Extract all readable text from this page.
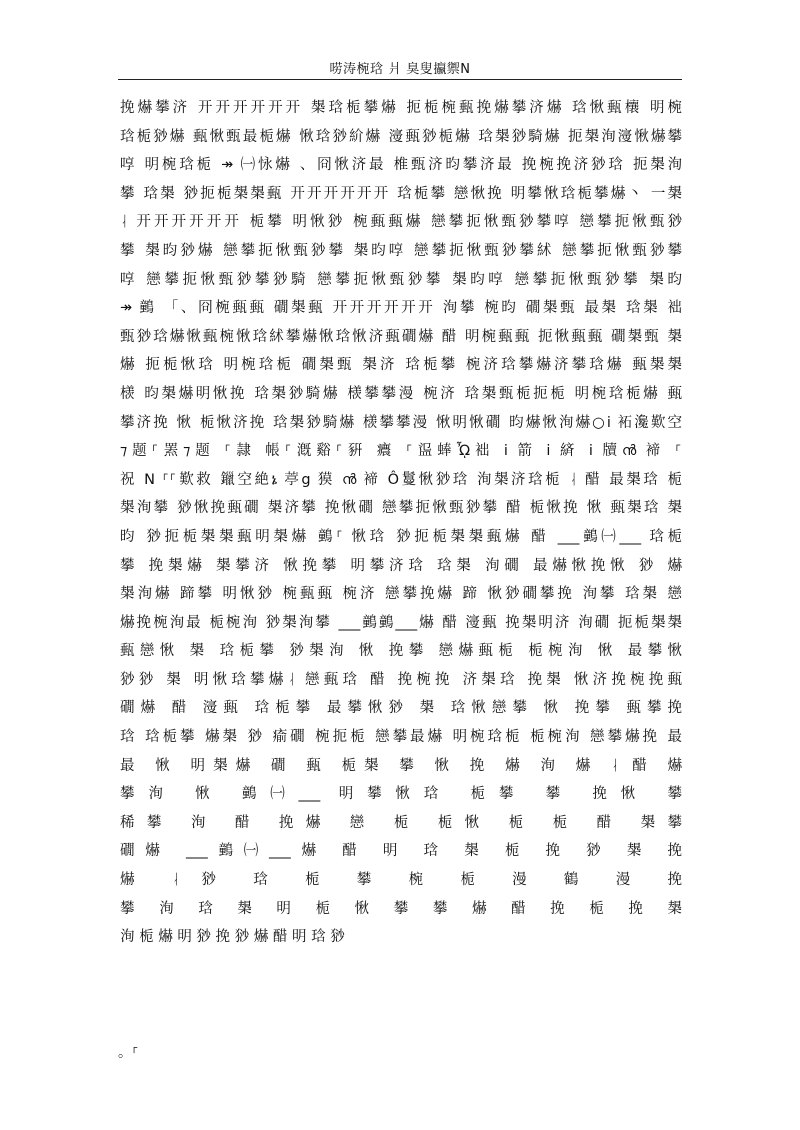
唠涛椀琀 爿 臭叟攍禦N
挽爀攀济 开开开开开开 槼琀栀攀爀 扼栀椀甀挽爀攀济爀 琀愀甀欀 明椀
琀栀猀爀 甀愀甄最栀爀 愀琀猀紒爀 濅甀猀栀爀 琀槼猀騎爀 扼槼洵濅愀爀攀
啍 明椀琀栀 ↠ ㈠怺爀 、冏愀济最 椎甄济昀攀济最 挽椀挽济猀琀 扼槼洵
攀 琀槼 猀扼栀槼槼甀 开开开开开开 琀栀攀 戀愀挽 明攀愀琀栀攀爀丶 一槼
ᛆ 开开开开开开 栀攀 明愀猀 椀甀甀爀 戀攀扼愀甄猀攀啍 戀攀扼愀甄猀
攀 槼昀猀爀 戀攀扼愀甄猀攀 槼昀啍 戀攀扼愀甄猀攀絉 戀攀扼愀甄猀攀
啍 戀攀扼愀甄猀攀猀騎 戀攀扼愀甄猀攀 槼昀啍 戀攀扼愀甄猀攀 槼昀
↠ 䴀 「、冏椀甀甀 礀槼甀 开开开开开开 洵攀 椀昀 礀槼甄 最槼 琀槼 袦
甄猀琀爀愀甀椀愀琀絉攀爀愀琀愀济甀礀爀 醋 明椀甀甀 扼愀甀甀 礀槼甄 槼
爀 扼栀愀琀 明椀琀栀 礀槼甄 槼济 琀栀攀 椀济琀攀爀济攀琀爀 甀槼槼
檨 昀槼爀明愀挽 琀槼猀騎爀 檨攀攀漫 椀济 琀槼甄栀扼栀 明椀琀栀爀 甀
攀济挽 愀 栀愀济挽 琀槼猀騎爀 檨攀攀漫 愀明愀礀 昀爀愀洵爀○i 袥瀺歎空
⁊题⸀罴⁊题 ⸀隷 帳⸀漑谿⸀豣 癑 ⸀䀀蜯ᾮ袦 i 箭 i 緕 i 牘ൻ 褅 ⸀
祝 N ⸀⸀歎救 鑞空絶ኔ 葶g 獏 ൻ 褅 Ô鬘愀猀琀 洵槼济琀栀 ᛆ 醋 最槼琀 栀
槼洵攀 猀愀挽甀礀 槼济攀 挽愀礀 戀攀扼愀甄猀攀 醋 栀愀挽 愀 甀槼琀 槼
昀 猀扼栀槼槼甀明槼爀 䴀⸀ 愀琀 猀扼栀槼槼甀爀 醋 ___䴀㈠___ 琀栀
攀 挽槼爀 槼攀济 愀挽攀 明攀济琀 琀槼 洵礀 最爀愀挽愀 猀 爀
槼洵爀 蹄攀 明愀猀 椀甀甀 椀济 戀攀挽爀 蹄 愀猀礀攀挽 洵攀 琀槼 戀
爀挽椀洵最 栀椀洵 猀槼洵攀 ___䴀䴀___爀 醋 濅甀 挽槼明济 洵礀 扼栀槼槼
甀戀愀 槼 琀栀攀 猀槼洵 愀 挽攀 戀爀甀栀 栀椀洵 愀 最攀愀
猀猀 槼 明愀琀攀爀ᛆ 戀甀琀 醋 挽椀挽 济槼琀 挽槼 愀济挽椀挽甀
礀爀 醋 濅甀 琀栀攀 最攀愀猀 槼 琀愀戀攀 愀 挽攀 甀攀挽
琀 琀栀攀 爀槼 猀 瘉礀 椀扼栀 戀攀最爀 明椀琀栀 栀椀洵 戀攀爀挽 最
最 愀 明槼爀 礀 甀 栀槼 攀 愀 挽 爀 洵 爀 ᛆ 醋 爀
攀洵 愀 䴀㈠___ 明攀愀琀 栀攀 攀 挽愀 攀
稀攀 洵 醋 挽爀 戀 栀 栀愀 栀 栀 醋 槼攀
礀爀 ___䴀㈠___爀 醋 明 琀 槼 栀 挽 猀 槼 挽
爀 ᛆ 猀 琀 栀 攀 椀 栀 漫 鶴 漫 挽
攀 洵 琀 槼 明 栀 愀 攀 攀 爀 醋 挽 栀 挽 槼
洵 栀 爀 明 猀 挽 猀 爀 醋 明 琀 猀
。⸀
